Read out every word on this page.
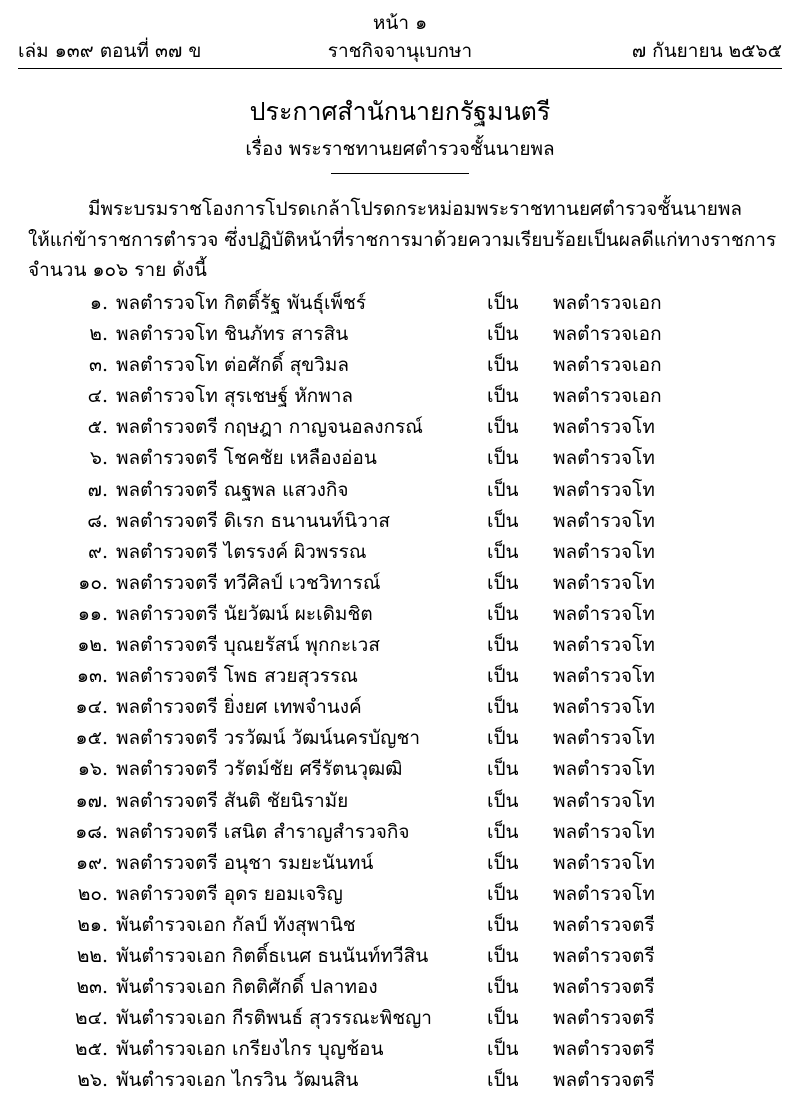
หน้า ๑
เล่ม ๑๓๙ ตอนที่ ๓๗ ข	ราชกิจจานุเบกษา	๗ กันยายน ๒๕๖๕
ประกาศสำนักนายกรัฐมนตรี
เรื่อง พระราชทานยศตำรวจชั้นนายพล
มีพระบรมราชโองการโปรดเกล้าโปรดกระหม่อมพระราชทานยศตำรวจชั้นนายพล
ให้แก่ข้าราชการตำรวจ ซึ่งปฏิบัติหน้าที่ราชการมาด้วยความเรียบร้อยเป็นผลดีแก่ทางราชการ
จำนวน ๑๐๖ ราย ดังนี้
๑. พลตำรวจโท กิตติ์รัฐ พันธุ์เพ็ชร์	เป็น พลตำรวจเอก
๒. พลตำรวจโท ชินภัทร สารสิน	เป็น พลตำรวจเอก
๓. พลตำรวจโท ต่อศักดิ์ สุขวิมล	เป็น พลตำรวจเอก
๔. พลตำรวจโท สุรเชษฐ์ หักพาล	เป็น พลตำรวจเอก
๕. พลตำรวจตรี กฤษฎา กาญจนอลงกรณ์	เป็น พลตำรวจโท
๖. พลตำรวจตรี โชคชัย เหลืองอ่อน	เป็น พลตำรวจโท
๗. พลตำรวจตรี ณฐพล แสวงกิจ	เป็น พลตำรวจโท
๘. พลตำรวจตรี ดิเรก ธนานนท์นิวาส	เป็น พลตำรวจโท
๙. พลตำรวจตรี ไตรรงค์ ผิวพรรณ	เป็น พลตำรวจโท
๑๐. พลตำรวจตรี ทวีศิลป์ เวชวิทารณ์	เป็น พลตำรวจโท
๑๑. พลตำรวจตรี นัยวัฒน์ ผะเดิมชิต	เป็น พลตำรวจโท
๑๒. พลตำรวจตรี บุณยรัสน์ พุกกะเวส	เป็น พลตำรวจโท
๑๓. พลตำรวจตรี โพธ สวยสุวรรณ	เป็น พลตำรวจโท
๑๔. พลตำรวจตรี ยิ่งยศ เทพจำนงค์	เป็น พลตำรวจโท
๑๕. พลตำรวจตรี วรวัฒน์ วัฒน์นครบัญชา	เป็น พลตำรวจโท
๑๖. พลตำรวจตรี วรัตม์ชัย ศรีรัตนวุฒฒิ	เป็น พลตำรวจโท
๑๗. พลตำรวจตรี สันติ ชัยนิรามัย	เป็น พลตำรวจโท
๑๘. พลตำรวจตรี เสนิต สำราญสำรวจกิจ	เป็น พลตำรวจโท
๑๙. พลตำรวจตรี อนุชา รมยะนันทน์	เป็น พลตำรวจโท
๒๐. พลตำรวจตรี อุดร ยอมเจริญ	เป็น พลตำรวจโท
๒๑. พันตำรวจเอก กัลป์ ทังสุพานิช	เป็น พลตำรวจตรี
๒๒. พันตำรวจเอก กิตติ์ธเนศ ธนนันท์ทวีสิน	เป็น พลตำรวจตรี
๒๓. พันตำรวจเอก กิตติศักดิ์ ปลาทอง	เป็น พลตำรวจตรี
๒๔. พันตำรวจเอก กีรติพนธ์ สุวรรณะพิชญา	เป็น พลตำรวจตรี
๒๕. พันตำรวจเอก เกรียงไกร บุญช้อน	เป็น พลตำรวจตรี
๒๖. พันตำรวจเอก ไกรวิน วัฒนสิน	เป็น พลตำรวจตรี
